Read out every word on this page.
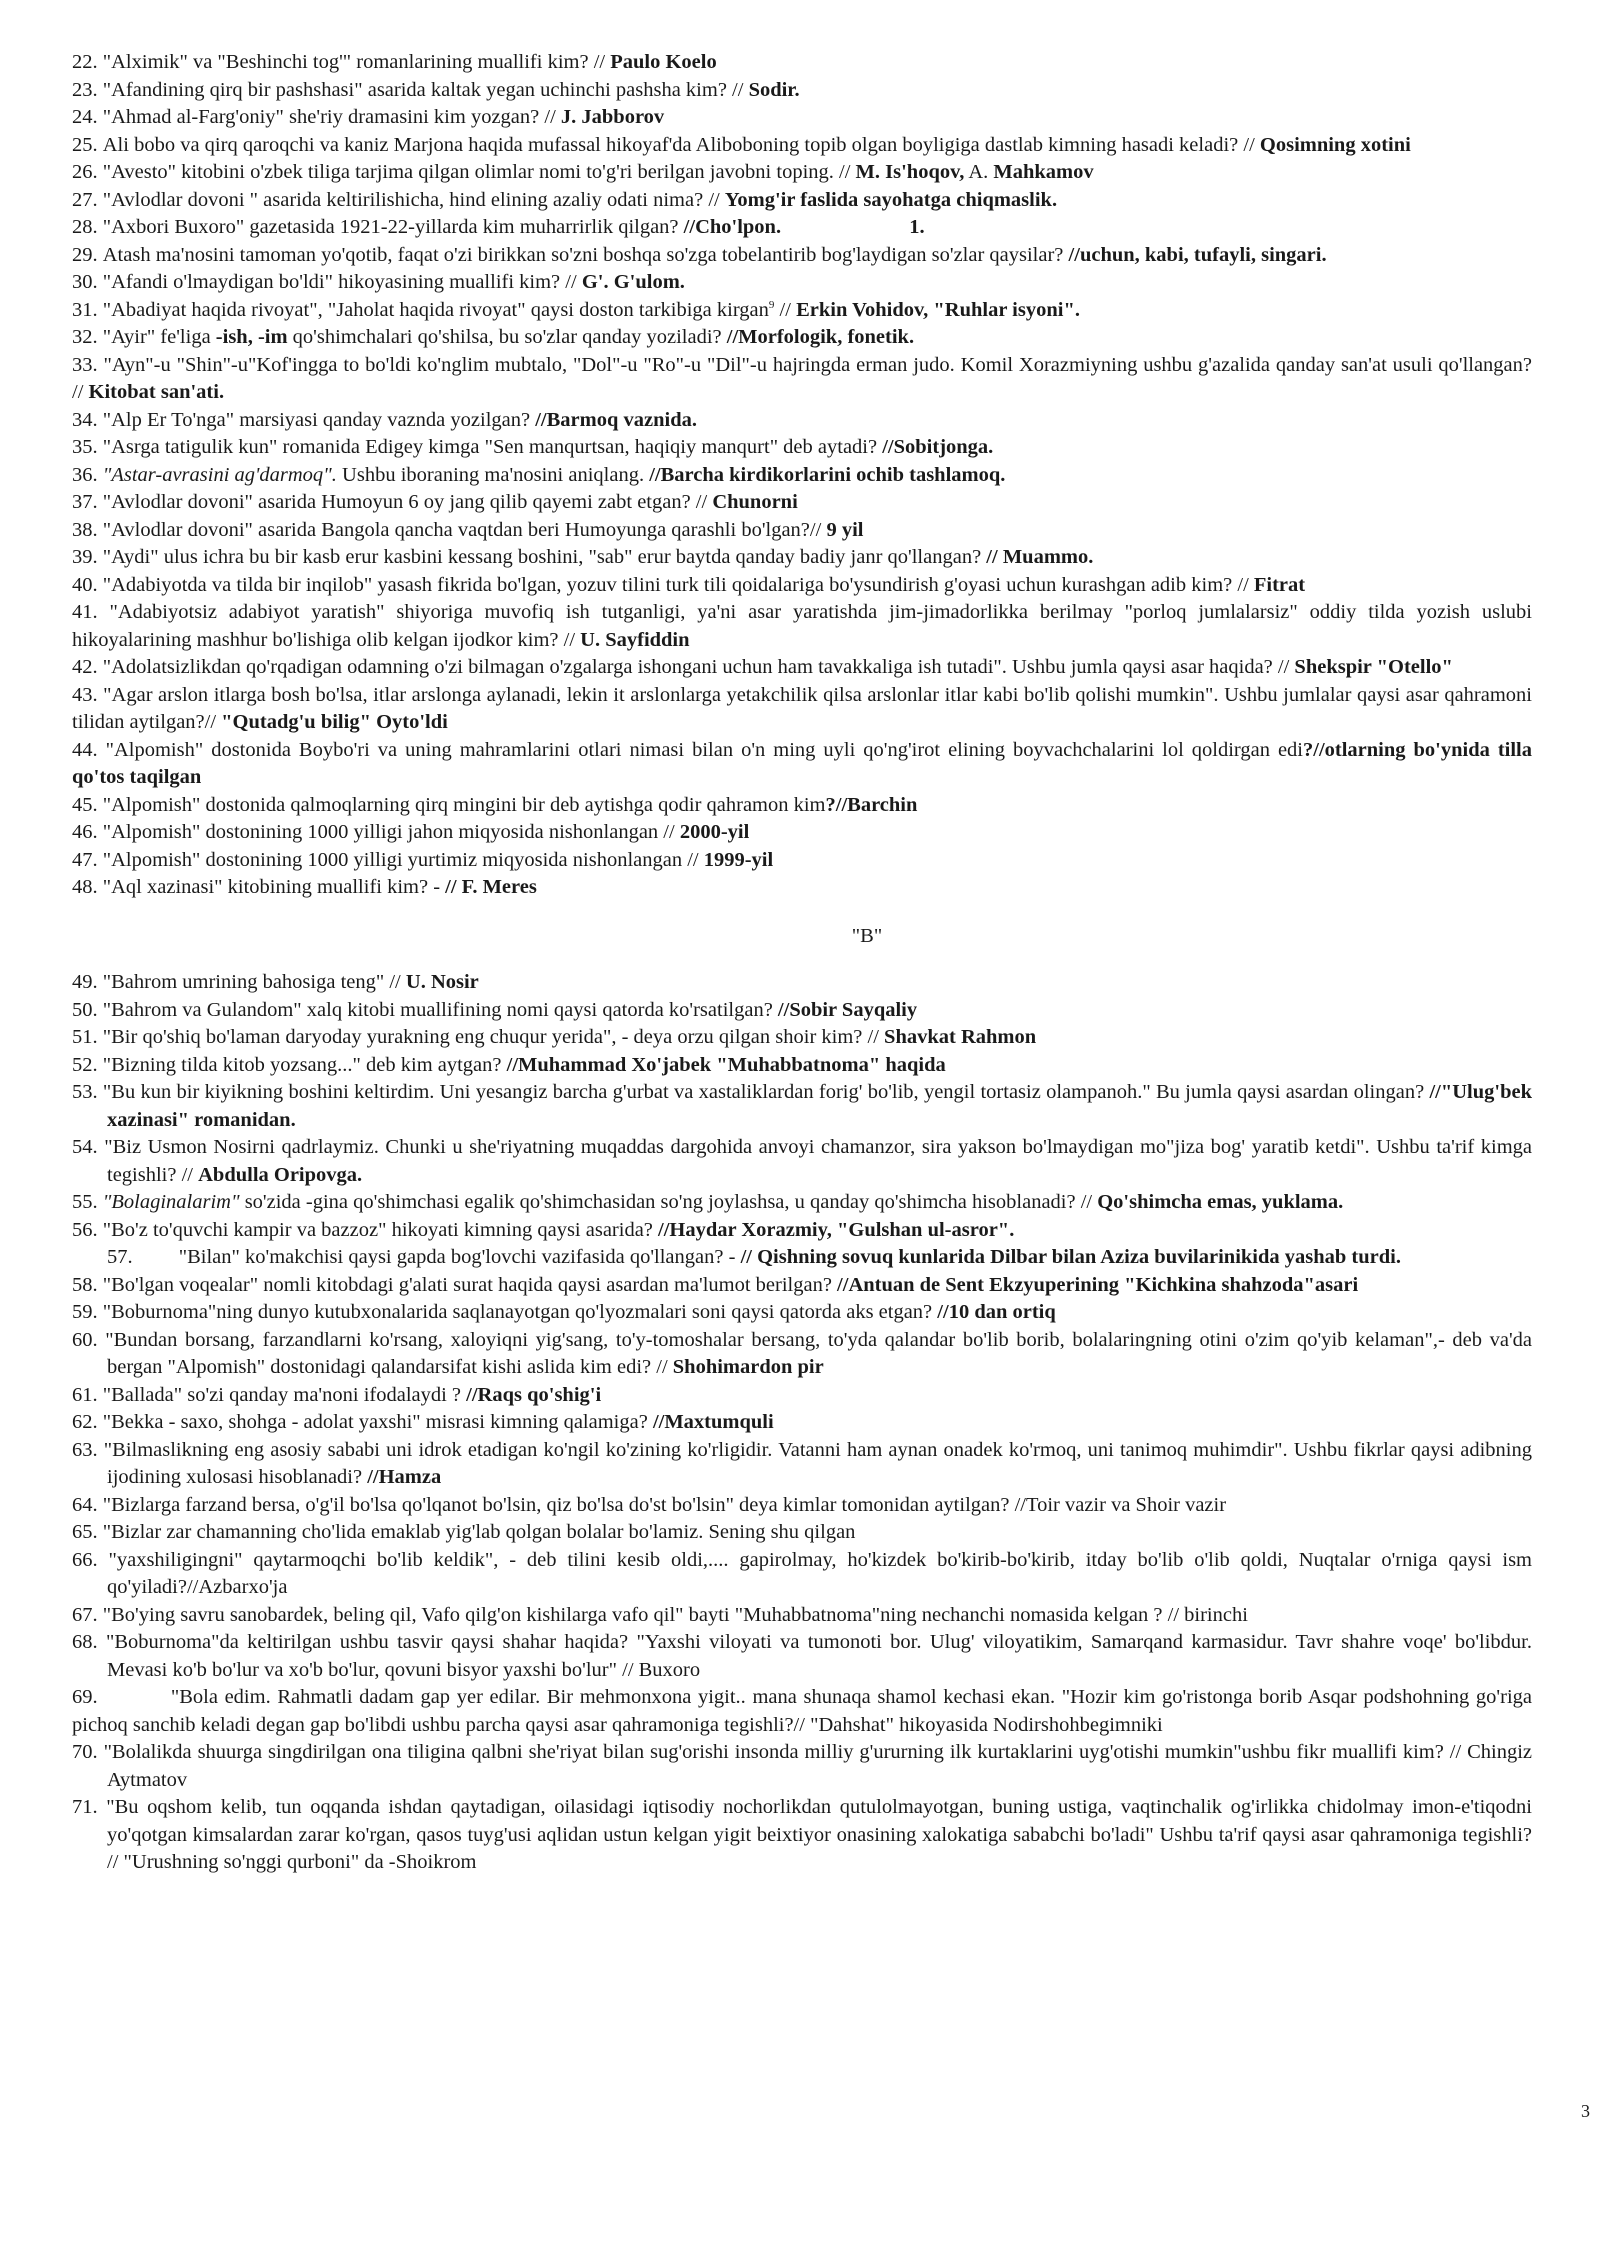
22. "Alximik" va "Beshinchi tog'" romanlarining muallifi kim? // Paulo Koelo

23. "Afandining qirq bir pashshasi" asarida kaltak yegan uchinchi pashsha kim? // Sodir.

24. "Ahmad al-Farg'oniy" she'riy dramasini kim yozgan? // J. Jabborov

25. Ali bobo va qirq qaroqchi va kaniz Marjona haqida mufassal hikoyaf'da Aliboboning topib olgan boyligiga dastlab kimning hasadi keladi? // Qosimning xotini

26. "Avesto" kitobini o'zbek tiliga tarjima qilgan olimlar nomi to'g'ri berilgan javobni toping. // M. Is'hoqov, A. Mahkamov

27. "Avlodlar dovoni " asarida keltirilishicha, hind elining azaliy odati nima? // Yomg'ir faslida sayohatga chiqmaslik.

28. "Axbori Buxoro" gazetasida 1921-22-yillarda kim muharrirlik qilgan? //Cho'lpon.	1.

29. Atash ma'nosini tamoman yo'qotib, faqat o'zi birikkan so'zni boshqa so'zga tobelantirib bog'laydigan so'zlar qaysilar? //uchun, kabi, tufayli, singari.

30. "Afandi o'lmaydigan bo'ldi" hikoyasining muallifi kim? // G'. G'ulom.

31. "Abadiyat haqida rivoyat", "Jaholat haqida rivoyat" qaysi doston tarkibiga kirgan$^9$ // Erkin Vohidov, "Ruhlar isyoni".

32. "Ayir" fe'liga -ish, -im qo'shimchalari qo'shilsa, bu so'zlar qanday yoziladi? //Morfologik, fonetik.

33. "Ayn"-u "Shin"-u"Kof'ingga to bo'ldi ko'nglim mubtalo, "Dol"-u "Ro"-u "Dil"-u hajringda erman judo. Komil Xorazmiyning ushbu g'azalida qanday san'at usuli qo'llangan? // Kitobat san'ati.

34. "Alp Er To'nga" marsiyasi qanday vaznda yozilgan? //Barmoq vaznida.

35. "Asrga tatigulik kun" romanida Edigey kimga "Sen manqurtsan, haqiqiy manqurt" deb aytadi? //Sobitjonga.

36. "Astar-avrasini ag'darmoq". Ushbu iboraning ma'nosini aniqlang. //Barcha kirdikorlarini ochib tashlamoq.

37. "Avlodlar dovoni" asarida Humoyun 6 oy jang qilib qayemi zabt etgan? // Chunorni

38. "Avlodlar dovoni" asarida Bangola qancha vaqtdan beri Humoyunga qarashli bo'lgan?// 9 yil

39. "Aydi" ulus ichra bu bir kasb erur kasbini kessang boshini, "sab" erur baytda qanday badiy janr qo'llangan? // Muammo.

40. "Adabiyotda va tilda bir inqilob" yasash fikrida bo'lgan, yozuv tilini turk tili qoidalariga bo'ysundirish g'oyasi uchun kurashgan adib kim? // Fitrat

41. "Adabiyotsiz adabiyot yaratish" shiyoriga muvofiq ish tutganligi, ya'ni asar yaratishda jim-jimadorlikka berilmay "porloq jumlalarsiz" oddiy tilda yozish uslubi hikoyalarining mashhur bo'lishiga olib kelgan ijodkor kim? // U. Sayfiddin

42. "Adolatsizlikdan qo'rqadigan odamning o'zi bilmagan o'zgalarga ishongani uchun ham tavakkaliga ish tutadi". Ushbu jumla qaysi asar haqida? // Shekspir "Otello"

43. "Agar arslon itlarga bosh bo'lsa, itlar arslonga aylanadi, lekin it arslonlarga yetakchilik qilsa arslonlar itlar kabi bo'lib qolishi mumkin". Ushbu jumlalar qaysi asar qahramoni tilidan aytilgan?// "Qutadg'u bilig" Oyto'ldi

44. "Alpomish" dostonida Boybo'ri va uning mahramlarini otlari nimasi bilan o'n ming uyli qo'ng'irot elining boyvachchalarini lol qoldirgan edi?//otlarning bo'ynida tilla qo'tos taqilgan

45. "Alpomish" dostonida qalmoqlarning qirq mingini bir deb aytishga qodir qahramon kim?//Barchin

46. "Alpomish" dostonining 1000 yilligi jahon miqyosida nishonlangan // 2000-yil

47. "Alpomish" dostonining 1000 yilligi yurtimiz miqyosida nishonlangan // 1999-yil

48. "Aql xazinasi" kitobining muallifi kim? - // F. Meres

"B"

49. "Bahrom umrining bahosiga teng" // U. Nosir

50. "Bahrom va Gulandom" xalq kitobi muallifining nomi qaysi qatorda ko'rsatilgan? //Sobir Sayqaliy

51. "Bir qo'shiq bo'laman daryoday yurakning eng chuqur yerida", - deya orzu qilgan shoir kim? // Shavkat Rahmon

52. "Bizning tilda kitob yozsang..." deb kim aytgan? //Muhammad Xo'jabek "Muhabbatnoma" haqida

53. "Bu kun bir kiyikning boshini keltirdim. Uni yesangiz barcha g'urbat va xastaliklardan forig' bo'lib, yengil tortasiz olampanoh." Bu jumla qaysi asardan olingan? //"Ulug'bek xazinasi" romanidan.

54. "Biz Usmon Nosirni qadrlaymiz. Chunki u she'riyatning muqaddas dargohida anvoyi chamanzor, sira yakson bo'lmaydigan mo"jiza bog' yaratib ketdi". Ushbu ta'rif kimga tegishli? // Abdulla Oripovga.

55. "Bolaginalarim" so'zida -gina qo'shimchasi egalik qo'shimchasidan so'ng joylashsa, u qanday qo'shimcha hisoblanadi? // Qo'shimcha emas, yuklama.

56. "Bo'z to'quvchi kampir va bazzoz" hikoyati kimning qaysi asarida? //Haydar Xorazmiy, "Gulshan ul-asror".

57. "Bilan" ko'makchisi qaysi gapda bog'lovchi vazifasida qo'llangan? - // Qishning sovuq kunlarida Dilbar bilan Aziza buvilarinikida yashab turdi.

58. "Bo'lgan voqealar" nomli kitobdagi g'alati surat haqida qaysi asardan ma'lumot berilgan? //Antuan de Sent Ekzyuperining "Kichkina shahzoda"asari

59. "Boburnoma"ning dunyo kutubxonalarida saqlanayotgan qo'lyozmalari soni qaysi qatorda aks etgan? //10 dan ortiq

60. "Bundan borsang, farzandlarni ko'rsang, xaloyiqni yig'sang, to'y-tomoshalar bersang, to'yda qalandar bo'lib borib, bolalaringning otini o'zim qo'yib kelaman",- deb va'da bergan "Alpomish" dostonidagi qalandarsifat kishi aslida kim edi? // Shohimardon pir

61. "Ballada" so'zi qanday ma'noni ifodalaydi ? //Raqs qo'shig'i

62. "Bekka - saxo, shohga - adolat yaxshi" misrasi kimning qalamiga? //Maxtumquli

63. "Bilmaslikning eng asosiy sababi uni idrok etadigan ko'ngil ko'zining ko'rligidir. Vatanni ham aynan onadek ko'rmoq, uni tanimoq muhimdir". Ushbu fikrlar qaysi adibning ijodining xulosasi hisoblanadi? //Hamza

64. "Bizlarga farzand bersa, o'g'il bo'lsa qo'lqanot bo'lsin, qiz bo'lsa do'st bo'lsin" deya kimlar tomonidan aytilgan? //Toir vazir va Shoir vazir

65. "Bizlar zar chamanning cho'lida emaklab yig'lab qolgan bolalar bo'lamiz. Sening shu qilgan

66. "yaxshiligingni" qaytarmoqchi bo'lib keldik", - deb tilini kesib oldi,.... gapirolmay, ho'kizdek bo'kirib-bo'kirib, itday bo'lib o'lib qoldi, Nuqtalar o'rniga qaysi ism qo'yiladi?//Azbarxo'ja

67. "Bo'ying savru sanobardek, beling qil, Vafo qilg'on kishilarga vafo qil" bayti "Muhabbatnoma"ning nechanchi nomasida kelgan ? // birinchi

68. "Boburnoma"da keltirilgan ushbu tasvir qaysi shahar haqida? "Yaxshi viloyati va tumonoti bor. Ulug' viloyatikim, Samarqand karmasidur. Tavr shahre voqe' bo'libdur. Mevasi ko'b bo'lur va xo'b bo'lur, qovuni bisyor yaxshi bo'lur" // Buxoro

69.	"Bola edim. Rahmatli dadam gap yer edilar. Bir mehmonxona yigit.. mana shunaqa shamol kechasi ekan. "Hozir kim go'ristonga borib Asqar podshohning go'riga pichoq sanchib keladi degan gap bo'libdi ushbu parcha qaysi asar qahramoniga tegishli?// "Dahshat" hikoyasida Nodirshohbegimniki

70. "Bolalikda shuurga singdirilgan ona tiligina qalbni she'riyat bilan sug'orishi insonda milliy g'ururning ilk kurtaklarini uyg'otishi mumkin"ushbu fikr muallifi kim? // Chingiz Aytmatov

71. "Bu oqshom kelib, tun oqqanda ishdan qaytadigan, oilasidagi iqtisodiy nochorlikdan qutulolmayotgan, buning ustiga, vaqtinchalik og'irlikka chidolmay imon-e'tiqodni yo'qotgan kimsalardan zarar ko'rgan, qasos tuyg'usi aqlidan ustun kelgan yigit beixtiyor onasining xalokatiga sababchi bo'ladi" Ushbu ta'rif qaysi asar qahramoniga tegishli? // "Urushning so'nggi qurboni" da -Shoikrom

3
